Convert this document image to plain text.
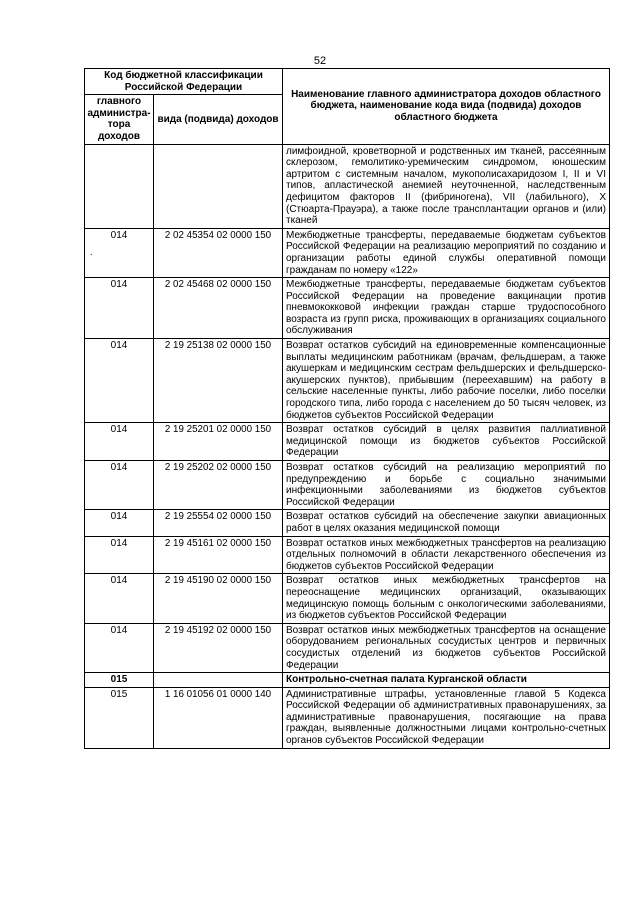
52
.
Код бюджетной классификации Российской Федерации		Наименование главного администратора доходов областного бюджета, наименование кода вида (подвида) доходов областного бюджета
главного администра-тора доходов	вида (подвида) доходов	
		лимфоидной, кроветворной и родственных им тканей, рассеянным склерозом, гемолитико-уремическим синдромом, юношеским артритом с системным началом, мукополисахаридозом I, II и VI типов, апластической анемией неуточненной, наследственным дефицитом факторов II (фибриногена), VII (лабильного), X (Стюарта-Прауэра), а также после трансплантации органов и (или) тканей
014	2 02 45354 02 0000 150	Межбюджетные трансферты, передаваемые бюджетам субъектов Российской Федерации на реализацию мероприятий по созданию и организации работы единой службы оперативной помощи гражданам по номеру «122»
014	2 02 45468 02 0000 150	Межбюджетные трансферты, передаваемые бюджетам субъектов Российской Федерации на проведение вакцинации против пневмококковой инфекции граждан старше трудоспособного возраста из групп риска, проживающих в организациях социального обслуживания
014	2 19 25138 02 0000 150	Возврат остатков субсидий на единовременные компенсационные выплаты медицинским работникам (врачам, фельдшерам, а также акушеркам и медицинским сестрам фельдшерских и фельдшерско-акушерских пунктов), прибывшим (переехавшим) на работу в сельские населенные пункты, либо рабочие поселки, либо поселки городского типа, либо города с населением до 50 тысяч человек, из бюджетов субъектов Российской Федерации
014	2 19 25201 02 0000 150	Возврат остатков субсидий в целях развития паллиативной медицинской помощи из бюджетов субъектов Российской Федерации
014	2 19 25202 02 0000 150	Возврат остатков субсидий на реализацию мероприятий по предупреждению и борьбе с социально значимыми инфекционными заболеваниями из бюджетов субъектов Российской Федерации
014	2 19 25554 02 0000 150	Возврат остатков субсидий на обеспечение закупки авиационных работ в целях оказания медицинской помощи
014	2 19 45161 02 0000 150	Возврат остатков иных межбюджетных трансфертов на реализацию отдельных полномочий в области лекарственного обеспечения из бюджетов субъектов Российской Федерации
014	2 19 45190 02 0000 150	Возврат остатков иных межбюджетных трансфертов на переоснащение медицинских организаций, оказывающих медицинскую помощь больным с онкологическими заболеваниями, из бюджетов субъектов Российской Федерации
014	2 19 45192 02 0000 150	Возврат остатков иных межбюджетных трансфертов на оснащение оборудованием региональных сосудистых центров и первичных сосудистых отделений из бюджетов субъектов Российской Федерации
015		Контрольно-счетная палата Курганской области
015	1 16 01056 01 0000 140	Административные штрафы, установленные главой 5 Кодекса Российской Федерации об административных правонарушениях, за административные правонарушения, посягающие на права граждан, выявленные должностными лицами контрольно-счетных органов субъектов Российской Федерации
